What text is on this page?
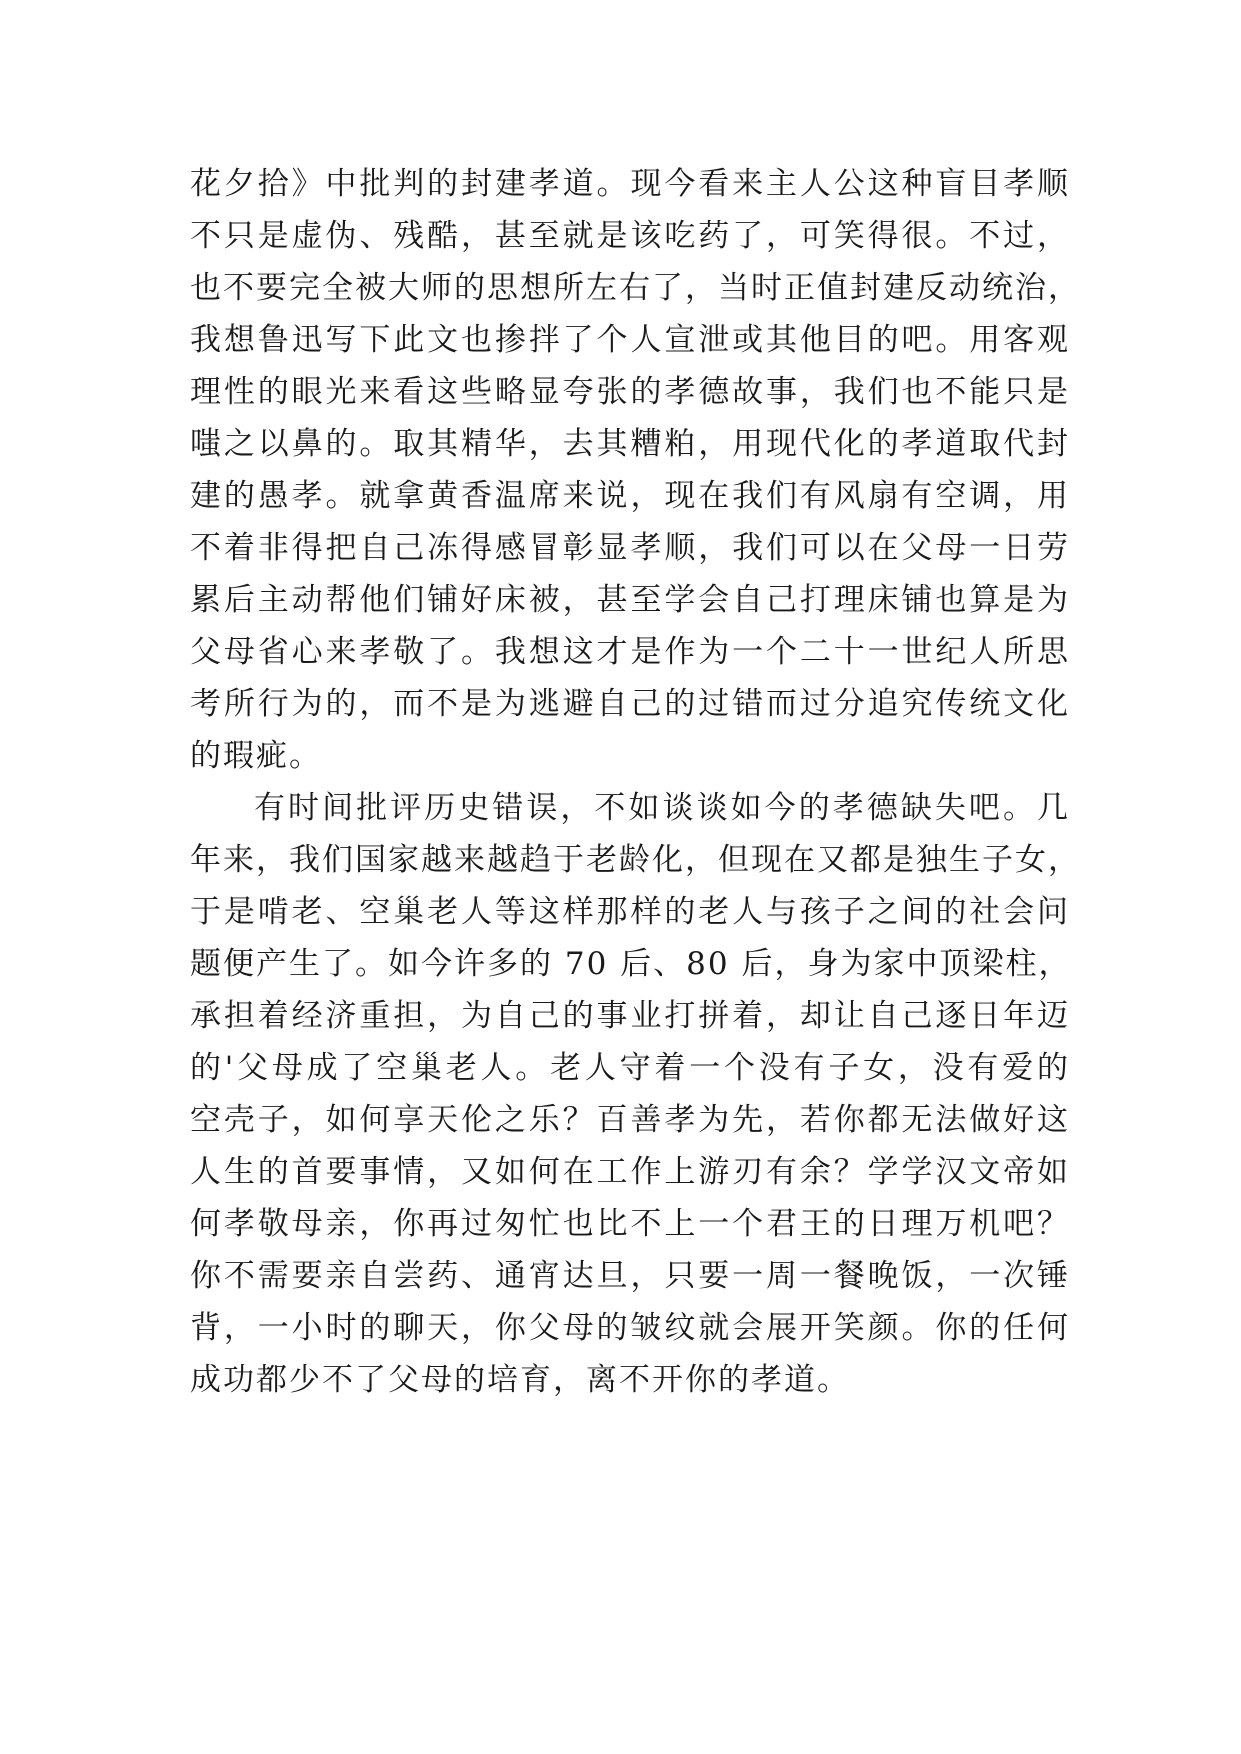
花夕拾》中批判的封建孝道。现今看来主人公这种盲目孝顺
不只是虚伪、残酷，甚至就是该吃药了，可笑得很。不过，
也不要完全被大师的思想所左右了，当时正值封建反动统治，
我想鲁迅写下此文也掺拌了个人宣泄或其他目的吧。用客观
理性的眼光来看这些略显夸张的孝德故事，我们也不能只是
嗤之以鼻的。取其精华，去其糟粕，用现代化的孝道取代封
建的愚孝。就拿黄香温席来说，现在我们有风扇有空调，用
不着非得把自己冻得感冒彰显孝顺，我们可以在父母一日劳
累后主动帮他们铺好床被，甚至学会自己打理床铺也算是为
父母省心来孝敬了。我想这才是作为一个二十一世纪人所思
考所行为的，而不是为逃避自己的过错而过分追究传统文化
的瑕疵。
有时间批评历史错误，不如谈谈如今的孝德缺失吧。几
年来，我们国家越来越趋于老龄化，但现在又都是独生子女，
于是啃老、空巢老人等这样那样的老人与孩子之间的社会问
题便产生了。如今许多的 70 后、80 后，身为家中顶梁柱，
承担着经济重担，为自己的事业打拼着，却让自己逐日年迈
的'父母成了空巢老人。老人守着一个没有子女，没有爱的
空壳子，如何享天伦之乐？百善孝为先，若你都无法做好这
人生的首要事情，又如何在工作上游刃有余？学学汉文帝如
何孝敬母亲，你再过匆忙也比不上一个君王的日理万机吧？
你不需要亲自尝药、通宵达旦，只要一周一餐晚饭，一次锤
背，一小时的聊天，你父母的皱纹就会展开笑颜。你的任何
成功都少不了父母的培育，离不开你的孝道。
